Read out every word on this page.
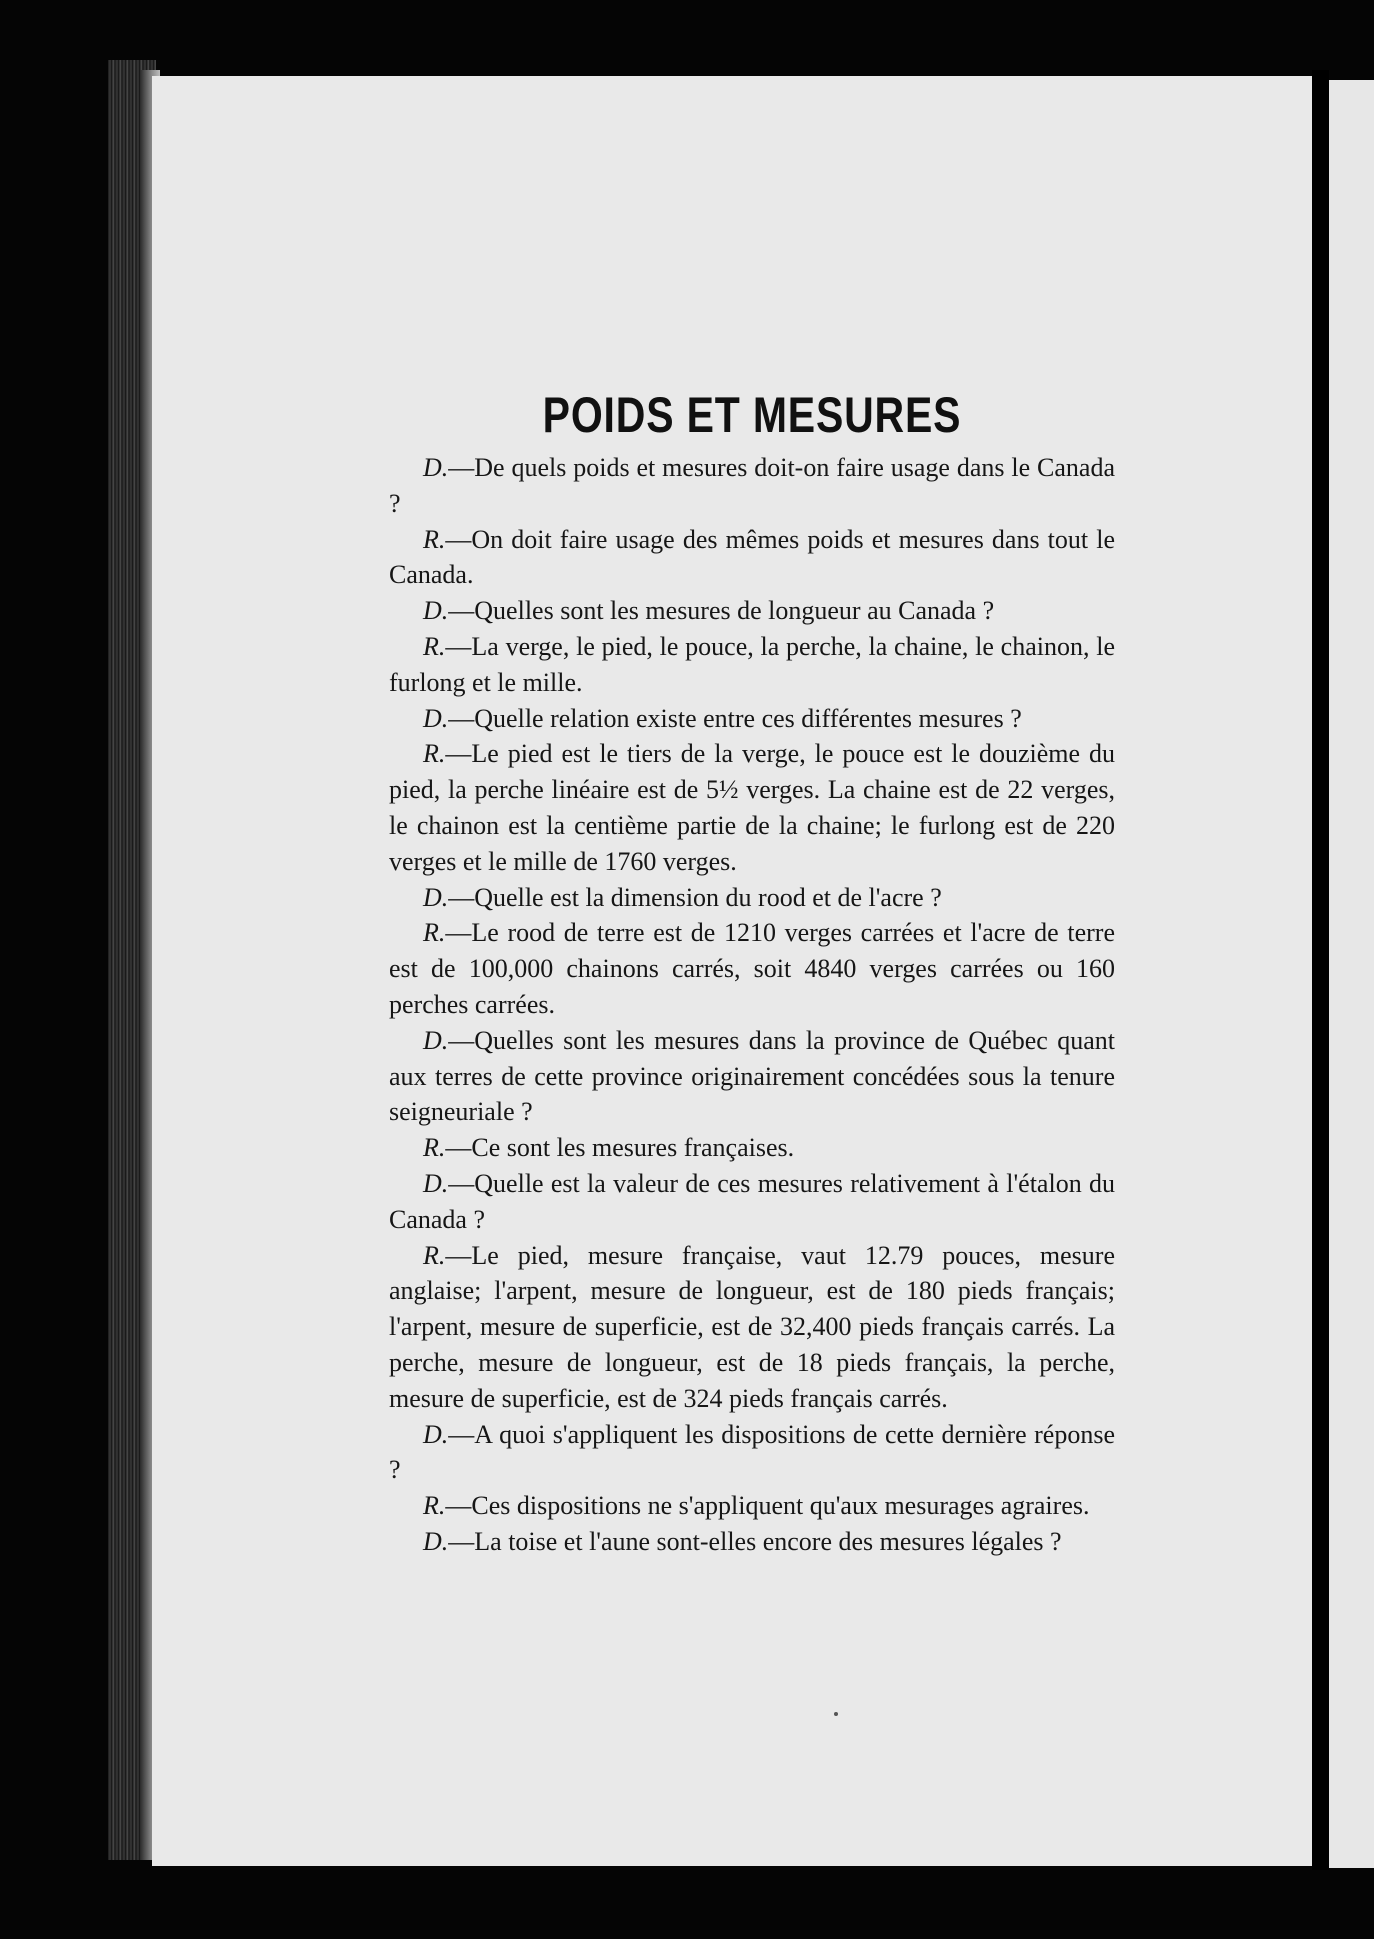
POIDS ET MESURES

D.—De quels poids et mesures doit-on faire usage dans le Canada ?

R.—On doit faire usage des mêmes poids et mesures dans tout le Canada.

D.—Quelles sont les mesures de longueur au Canada ?

R.—La verge, le pied, le pouce, la perche, la chaine, le chainon, le furlong et le mille.

D.—Quelle relation existe entre ces différentes mesures ?

R.—Le pied est le tiers de la verge, le pouce est le douzième du pied, la perche linéaire est de 5½ verges. La chaine est de 22 verges, le chainon est la centième partie de la chaine; le furlong est de 220 verges et le mille de 1760 verges.

D.—Quelle est la dimension du rood et de l'acre ?

R.—Le rood de terre est de 1210 verges carrées et l'acre de terre est de 100,000 chainons carrés, soit 4840 verges carrées ou 160 perches carrées.

D.—Quelles sont les mesures dans la province de Québec quant aux terres de cette province originairement concédées sous la tenure seigneuriale ?

R.—Ce sont les mesures françaises.

D.—Quelle est la valeur de ces mesures relativement à l'étalon du Canada ?

R.—Le pied, mesure française, vaut 12.79 pouces, mesure anglaise; l'arpent, mesure de longueur, est de 180 pieds français; l'arpent, mesure de superficie, est de 32,400 pieds français carrés. La perche, mesure de longueur, est de 18 pieds français, la perche, mesure de superficie, est de 324 pieds français carrés.

D.—A quoi s'appliquent les dispositions de cette dernière réponse ?

R.—Ces dispositions ne s'appliquent qu'aux mesurages agraires.

D.—La toise et l'aune sont-elles encore des mesures légales ?
